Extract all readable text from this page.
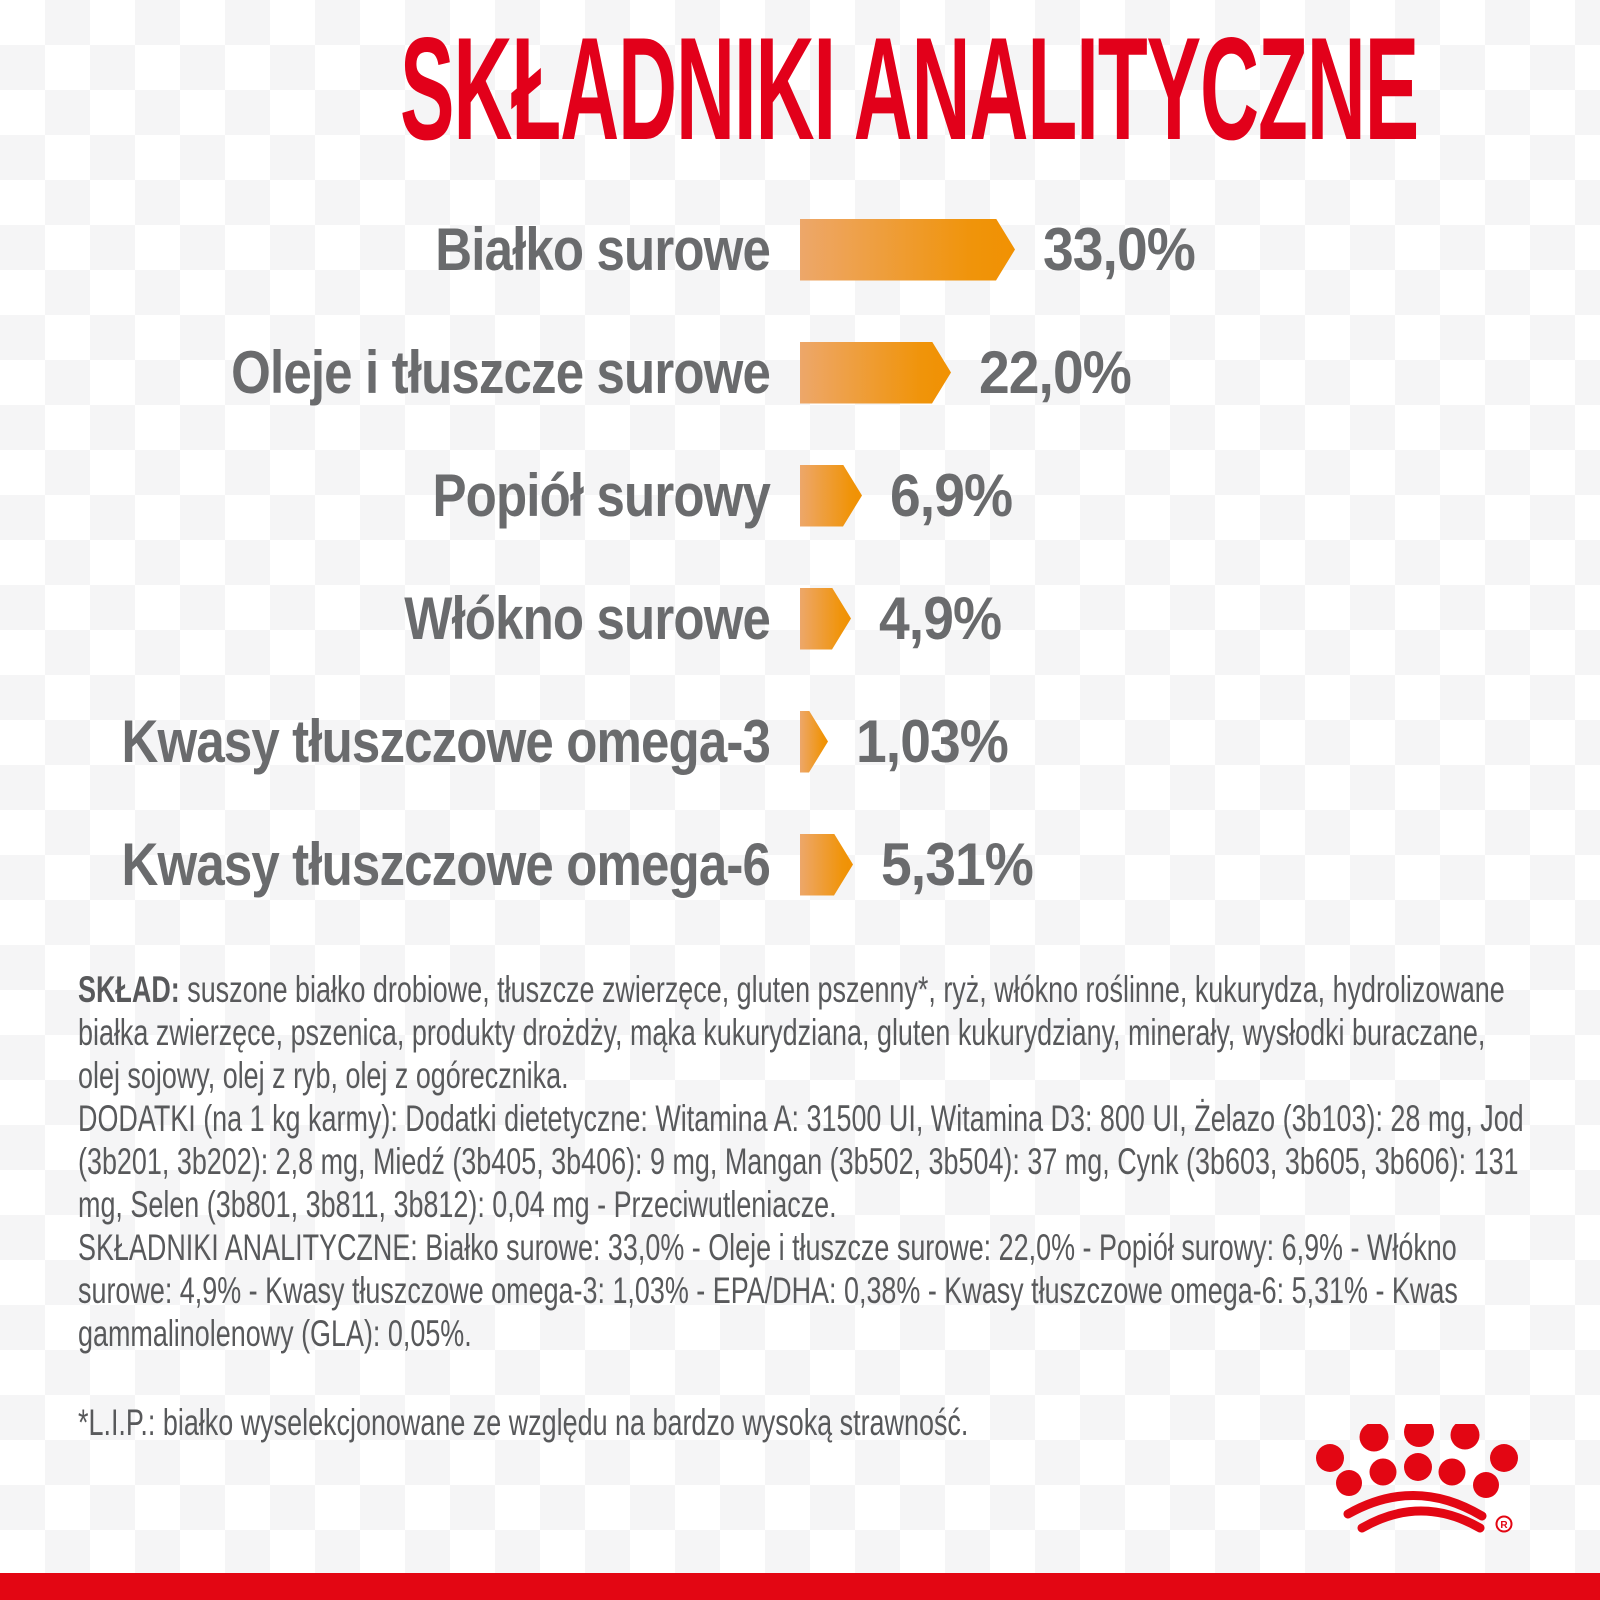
SKŁADNIKI ANALITYCZNE
Białko surowe	33,0%
Oleje i tłuszcze surowe	22,0%
Popiół surowy 6,9%
Włókno surowe 4,9%
Kwasy tłuszczowe omega-3 1,03%
Kwasy tłuszczowe omega-6 5,31%

SKŁAD: suszone białko drobiowe, tłuszcze zwierzęce, gluten pszenny*, ryż, włókno roślinne, kukurydza, hydrolizowane białka zwierzęce, pszenica, produkty drożdży, mąka kukurydziana, gluten kukurydziany, minerały, wysłodki buraczane, olej sojowy, olej z ryb, olej z ogórecznika.

DODATKI (na 1 kg karmy): Dodatki dietetyczne: Witamina A: 31500 UI, Witamina D3: 800 UI, Żelazo (3b103): 28 mg, Jod (3b201, 3b202): 2,8 mg, Miedź (3b405, 3b406): 9 mg, Mangan (3b502, 3b504): 37 mg, Cynk (3b603, 3b605, 3b606): 131 mg, Selen (3b801, 3b811, 3b812): 0,04 mg - Przeciwutleniacze.

SKŁADNIKI ANALITYCZNE: Białko surowe: 33,0% - Oleje i tłuszcze surowe: 22,0% - Popiół surowy: 6,9% - Włókno surowe: 4,9% - Kwasy tłuszczowe omega-3: 1,03% - EPA/DHA: 0,38% - Kwasy tłuszczowe omega-6: 5,31% - Kwas gammalinolenowy (GLA): 0,05%.

*L.I.P.: białko wyselekcjonowane ze względu na bardzo wysoką strawność.

R
